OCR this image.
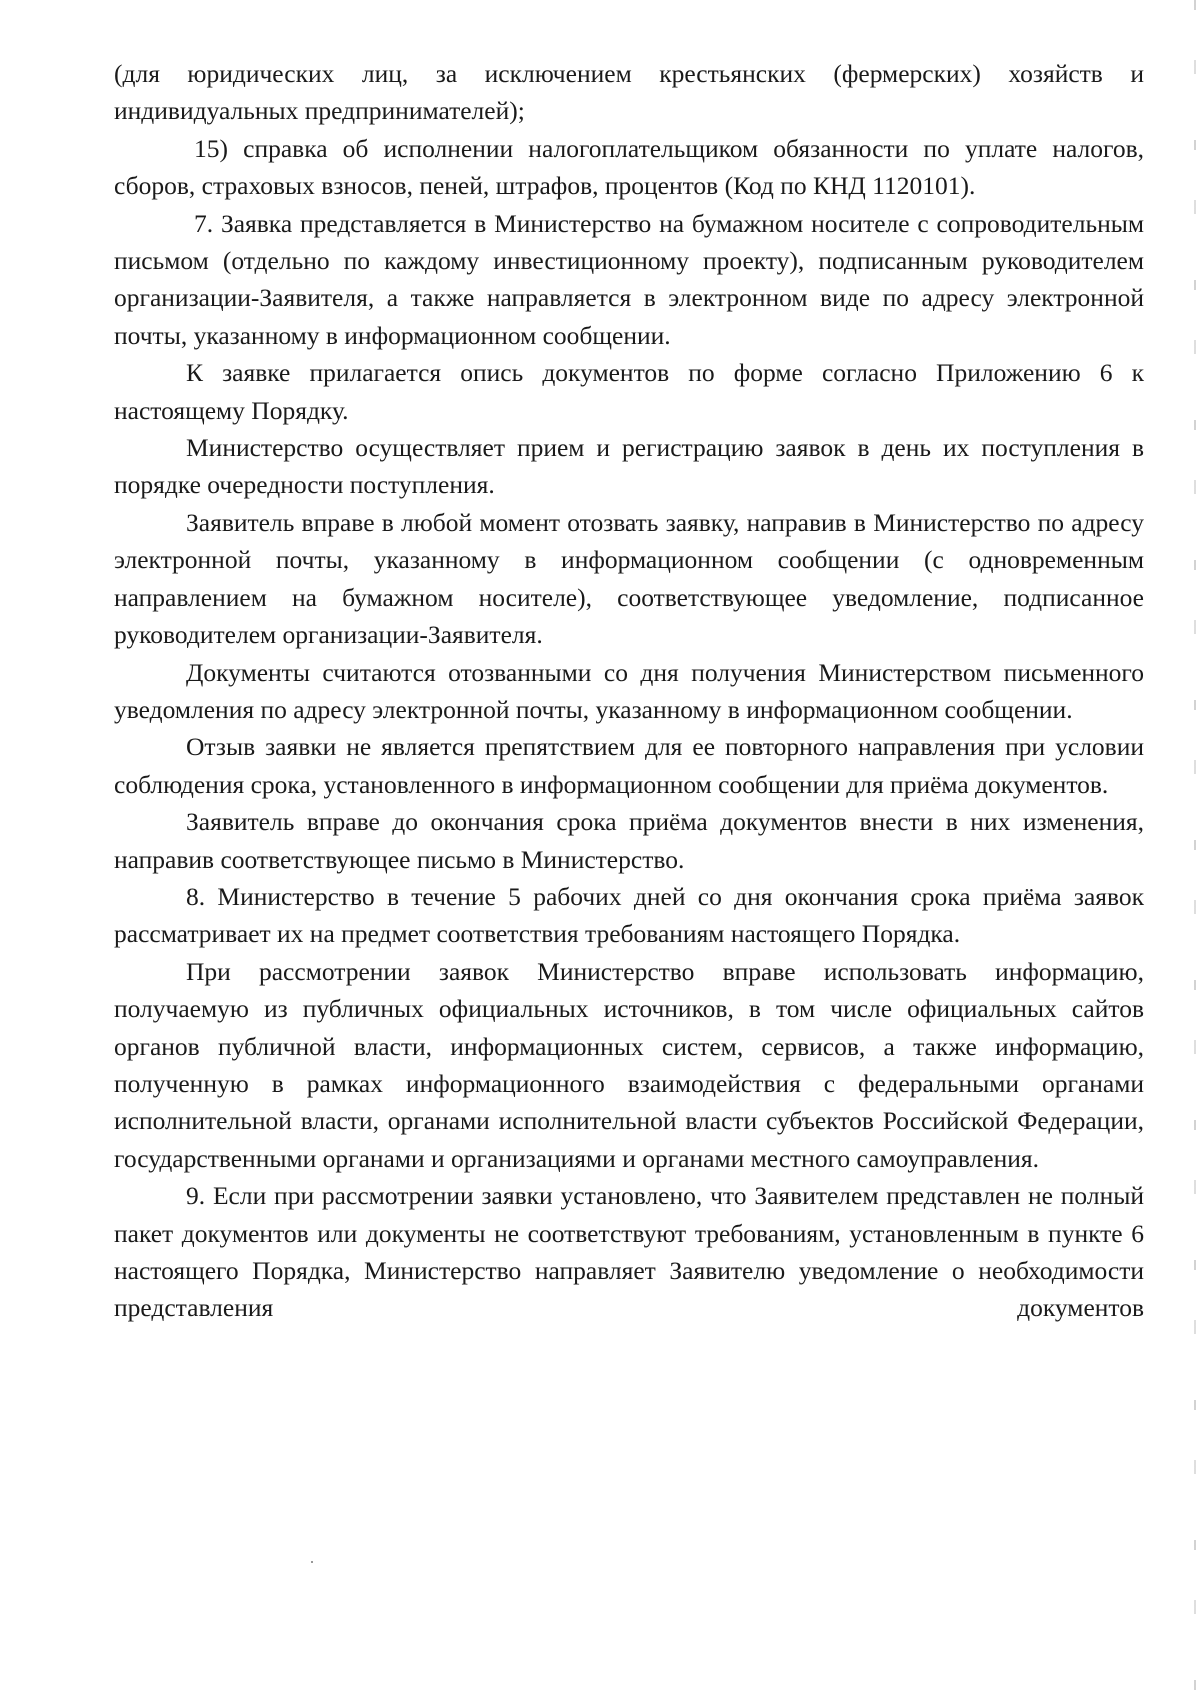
(для юридических лиц, за исключением крестьянских (фермерских) хозяйств и индивидуальных предпринимателей);

15) справка об исполнении налогоплательщиком обязанности по уплате налогов, сборов, страховых взносов, пеней, штрафов, процентов (Код по КНД 1120101).

7. Заявка представляется в Министерство на бумажном носителе с сопроводительным письмом (отдельно по каждому инвестиционному проекту), подписанным руководителем организации-Заявителя, а также направляется в электронном виде по адресу электронной почты, указанному в информационном сообщении.

К заявке прилагается опись документов по форме согласно Приложению 6 к настоящему Порядку.

Министерство осуществляет прием и регистрацию заявок в день их поступления в порядке очередности поступления.

Заявитель вправе в любой момент отозвать заявку, направив в Министерство по адресу электронной почты, указанному в информационном сообщении (с одновременным направлением на бумажном носителе), соответствующее уведомление, подписанное руководителем организации-Заявителя.

Документы считаются отозванными со дня получения Министерством письменного уведомления по адресу электронной почты, указанному в информационном сообщении.

Отзыв заявки не является препятствием для ее повторного направления при условии соблюдения срока, установленного в информационном сообщении для приёма документов.

Заявитель вправе до окончания срока приёма документов внести в них изменения, направив соответствующее письмо в Министерство.

8. Министерство в течение 5 рабочих дней со дня окончания срока приёма заявок рассматривает их на предмет соответствия требованиям настоящего Порядка.

При рассмотрении заявок Министерство вправе использовать информацию, получаемую из публичных официальных источников, в том числе официальных сайтов органов публичной власти, информационных систем, сервисов, а также информацию, полученную в рамках информационного взаимодействия с федеральными органами исполнительной власти, органами исполнительной власти субъектов Российской Федерации, государственными органами и организациями и органами местного самоуправления.

9. Если при рассмотрении заявки установлено, что Заявителем представлен не полный пакет документов или документы не соответствуют требованиям, установленным в пункте 6 настоящего Порядка, Министерство направляет Заявителю уведомление о необходимости представления документов
